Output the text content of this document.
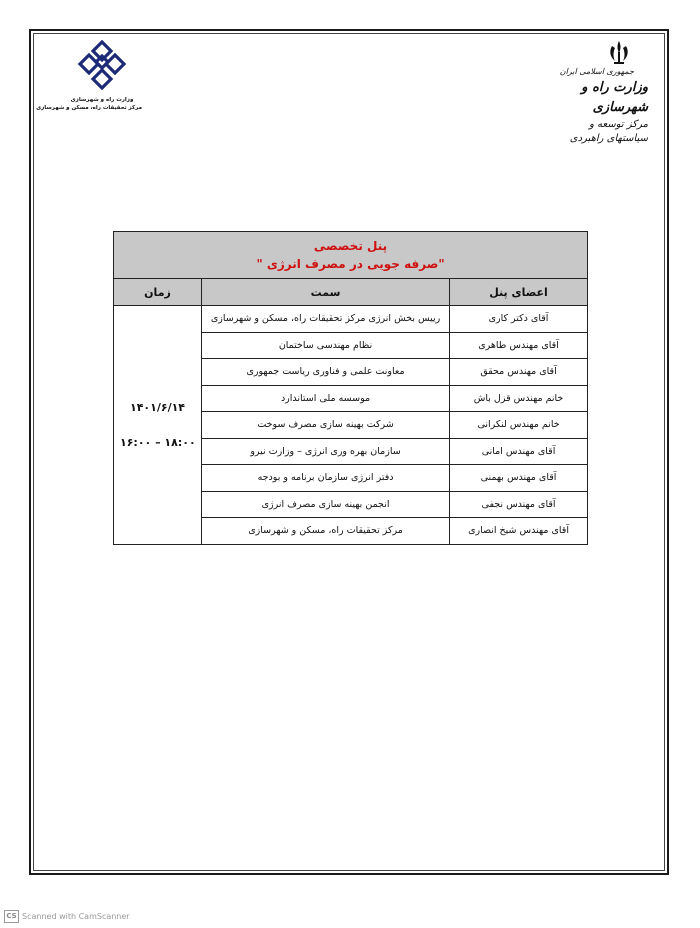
وزارت راه و شهرسازی
مرکز تحقیقات راه، مسکن و شهرسازی
جمهوری اسلامی ایران
وزارت راه و شهرسازی
مرکز توسعه و سیاستهای راهبردی
پنل تخصصی
"صرفه جویی در مصرف انرژی "		

اعضای پنل	سمت	زمان
آقای دکتر کاری	رییس بخش انرژی مرکز تحقیقات راه، مسکن و شهرسازی	۱۴۰۱/۶/۱۴
۱۶:۰۰ – ۱۸:۰۰

آقای مهندس طاهری	نظام مهندسی ساختمان	
آقای مهندس محقق	معاونت علمی و فناوری ریاست جمهوری	
خانم مهندس قزل باش	موسسه ملی استاندارد	
خانم مهندس لنکرانی	شرکت بهینه سازی مصرف سوخت	
آقای مهندس امانی	سازمان بهره وری انرژی – وزارت نیرو	
آقای مهندس بهمنی	دفتر انرژی سازمان برنامه و بودجه	
آقای مهندس نجفی	انجمن بهینه سازی مصرف انرژی	
آقای مهندس شیخ انصاری	مرکز تحقیقات راه، مسکن و شهرسازی	
CS Scanned with CamScanner
